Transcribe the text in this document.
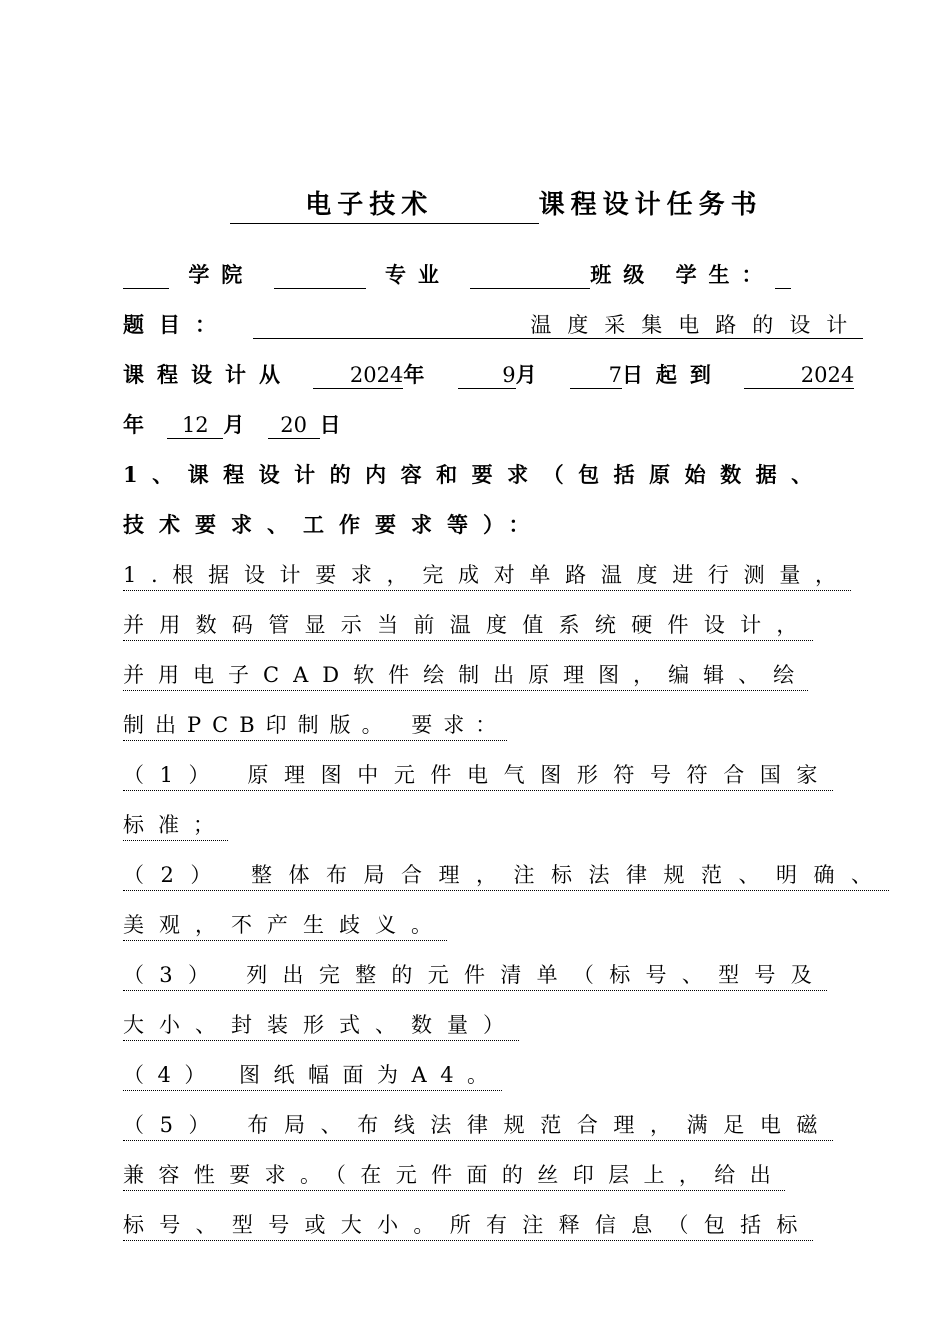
电子技术	课程设计任务书
学院	专业	班级 学生：
题目：	温度采集电路的设计
课程设计从	2024年	9月	7日起到	2024
年 12 月 20 日
1、课程设计的内容和要求（包括原始数据、
技术要求、工作要求等）：
1.根据设计要求，完成对单路温度进行测量，
并用数码管显示当前温度值系统硬件设计，
并用电子CAD软件绘制出原理图，编辑、绘
制出PCB印制版。 要求：
（1） 原理图中元件电气图形符号符合国家
标准；
（2） 整体布局合理，注标法律规范、明确、
美观，不产生歧义。
（3） 列出完整的元件清单（标号、型号及
大小、封装形式、数量）
（4） 图纸幅面为A4。
（5） 布局、布线法律规范合理，满足电磁
兼容性要求。（在元件面的丝印层上，给出
标号、型号或大小。所有注释信息（包括标
